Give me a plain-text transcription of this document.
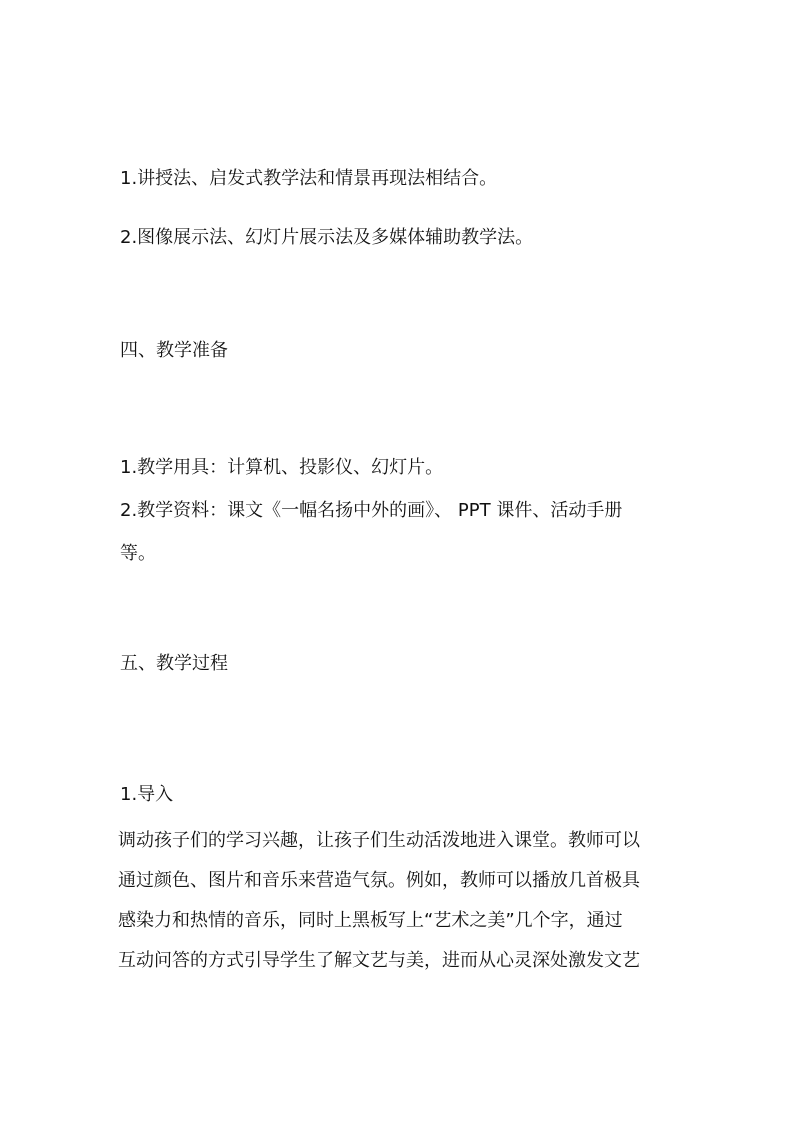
1.讲授法、启发式教学法和情景再现法相结合。
2.图像展示法、幻灯片展示法及多媒体辅助教学法。
四、教学准备
1.教学用具：计算机、投影仪、幻灯片。
2.教学资料：课文《一幅名扬中外的画》、 PPT 课件、活动手册
等。
五、教学过程
1.导入
调动孩子们的学习兴趣，让孩子们生动活泼地进入课堂。教师可以
通过颜色、图片和音乐来营造气氛。例如，教师可以播放几首极具
感染力和热情的音乐，同时上黑板写上“艺术之美”几个字，通过
互动问答的方式引导学生了解文艺与美，进而从心灵深处激发文艺
